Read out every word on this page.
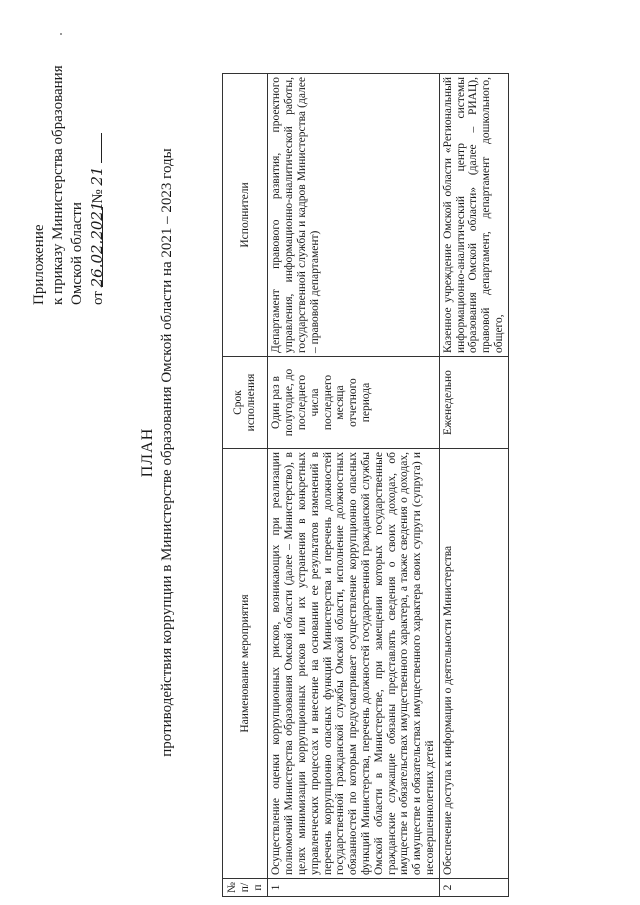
Приложение к приказу Министерства образования Омской области от 26.02.2021 № 21
ПЛАН противодействия коррупции в Министерстве образования Омской области на 2021 – 2023 годы
№ п/п	Наименование мероприятия	Срок исполнения	Исполнители
1	Осуществление оценки коррупционных рисков, возникающих при реализации полномочий Министерства образования Омской области (далее – Министерство), в целях минимизации коррупционных рисков или их устранения в конкретных управленческих процессах и внесение на основании ее результатов изменений в перечень коррупционно опасных функций Министерства и перечень должностей государственной гражданской службы Омской области, исполнение должностных обязанностей по которым предусматривает осуществление коррупционно опасных функций Министерства, перечень должностей государственной гражданской службы Омской области в Министерстве, при замещении которых государственные гражданские служащие обязаны представлять сведения о своих доходах, об имуществе и обязательствах имущественного характера, а также сведения о доходах, об имуществе и обязательствах имущественного характера своих супруги (супруга) и несовершеннолетних детей	Один раз в полугодие, до последнего числа последнего месяца отчетного периода	Департамент правового развития, проектного управления, информационно-аналитической работы, государственной службы и кадров Министерства (далее – правовой департамент)
2	Обеспечение доступа к информации о деятельности Министерства	Еженедельно	Казенное учреждение Омской области «Региональный информационно-аналитический центр системы образования Омской области» (далее – РИАЦ), правовой департамент, департамент дошкольного, общего,
